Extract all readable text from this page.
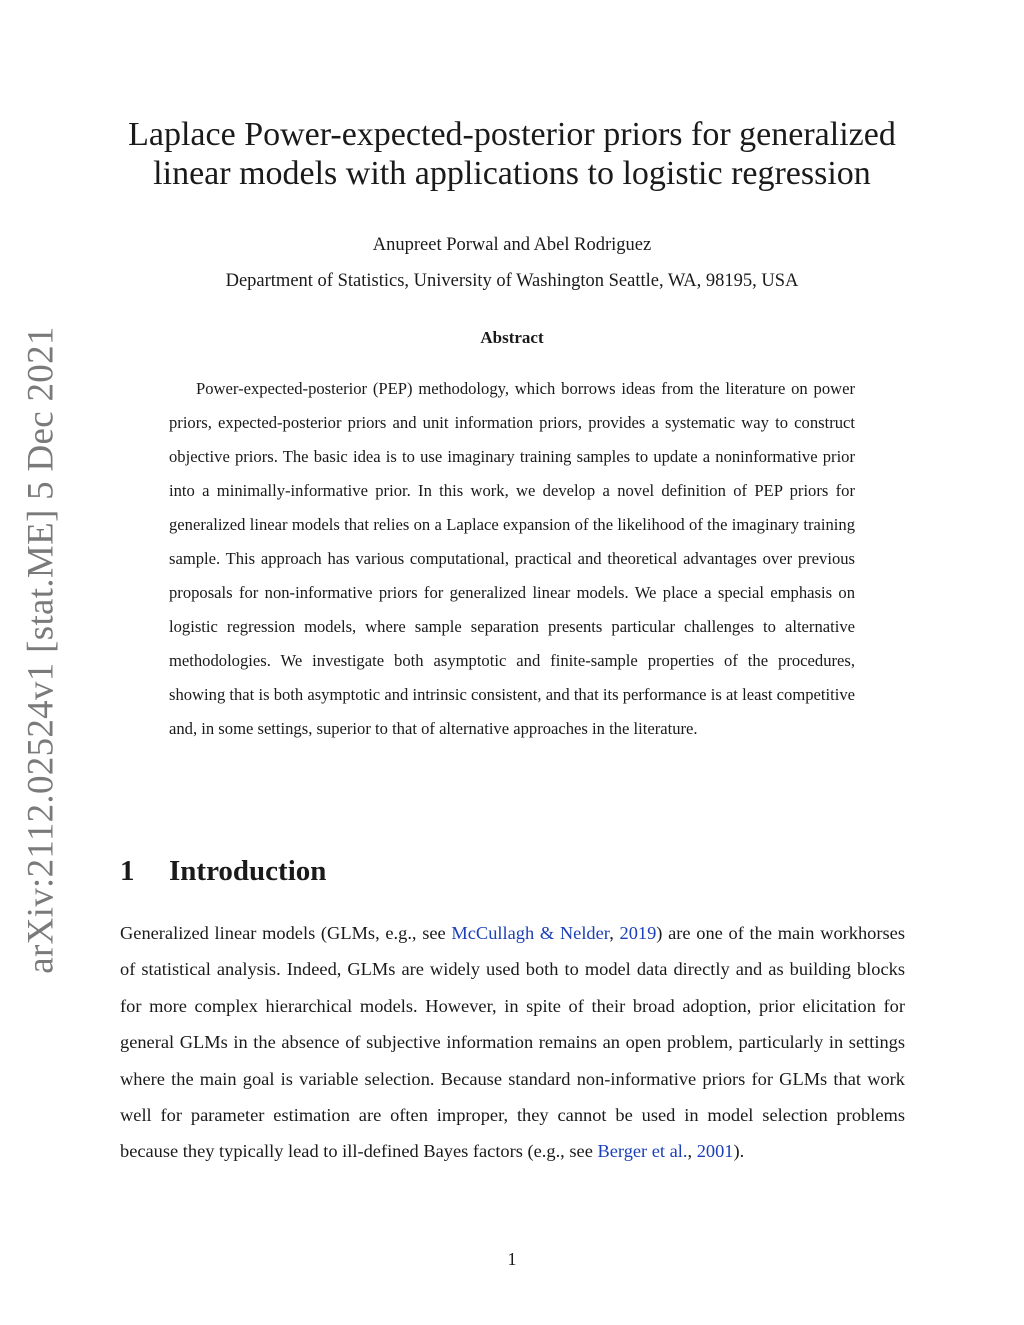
arXiv:2112.02524v1 [stat.ME] 5 Dec 2021
Laplace Power-expected-posterior priors for generalized
linear models with applications to logistic regression
Anupreet Porwal and Abel Rodriguez
Department of Statistics, University of Washington Seattle, WA, 98195, USA
Abstract

Power-expected-posterior (PEP) methodology, which borrows ideas from the literature on power priors, expected-posterior priors and unit information priors, provides a systematic way to construct objective priors. The basic idea is to use imaginary training samples to update a noninformative prior into a minimally-informative prior. In this work, we develop a novel definition of PEP priors for generalized linear models that relies on a Laplace expansion of the likelihood of the imaginary training sample. This approach has various computational, practical and theoretical advantages over previous proposals for non-informative priors for generalized linear models. We place a special emphasis on logistic regression models, where sample separation presents particular challenges to alternative methodologies. We investigate both asymptotic and finite-sample properties of the procedures, showing that is both asymptotic and intrinsic consistent, and that its performance is at least competitive and, in some settings, superior to that of alternative approaches in the literature.

1 Introduction

Generalized linear models (GLMs, e.g., see McCullagh & Nelder, 2019) are one of the main workhorses of statistical analysis. Indeed, GLMs are widely used both to model data directly and as building blocks for more complex hierarchical models. However, in spite of their broad adoption, prior elicitation for general GLMs in the absence of subjective information remains an open problem, particularly in settings where the main goal is variable selection. Because standard non-informative priors for GLMs that work well for parameter estimation are often improper, they cannot be used in model selection problems because they typically lead to ill-defined Bayes factors (e.g., see Berger et al., 2001).

1
